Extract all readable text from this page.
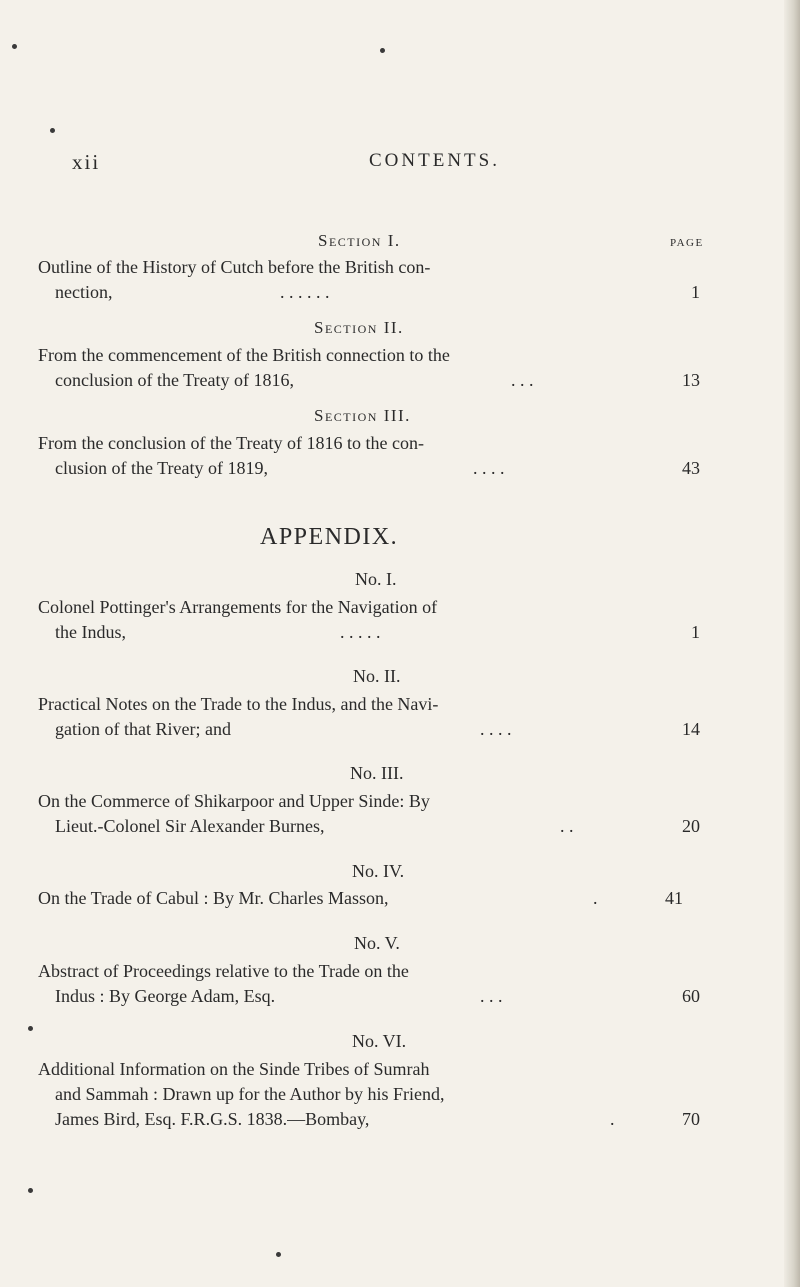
xii	CONTENTS.
Section I.	PAGE
Outline of the History of Cutch before the British con-
nection,	. . . . . .	1
Section II.
From the commencement of the British connection to the
conclusion of the Treaty of 1816,	. . .	13
Section III.
From the conclusion of the Treaty of 1816 to the con-
clusion of the Treaty of 1819,	. . . .	43
APPENDIX.
No. I.
Colonel Pottinger's Arrangements for the Navigation of
the Indus,	. . . . .	1
No. II.
Practical Notes on the Trade to the Indus, and the Navi-
gation of that River; and	. . . .	14
No. III.
On the Commerce of Shikarpoor and Upper Sinde: By
Lieut.-Colonel Sir Alexander Burnes,	. .	20
No. IV.
On the Trade of Cabul : By Mr. Charles Masson,	.	41
No. V.
Abstract of Proceedings relative to the Trade on the
Indus : By George Adam, Esq.	. . .	60
No. VI.
Additional Information on the Sinde Tribes of Sumrah
and Sammah : Drawn up for the Author by his Friend,
James Bird, Esq. F.R.G.S. 1838.—Bombay,	.	70
